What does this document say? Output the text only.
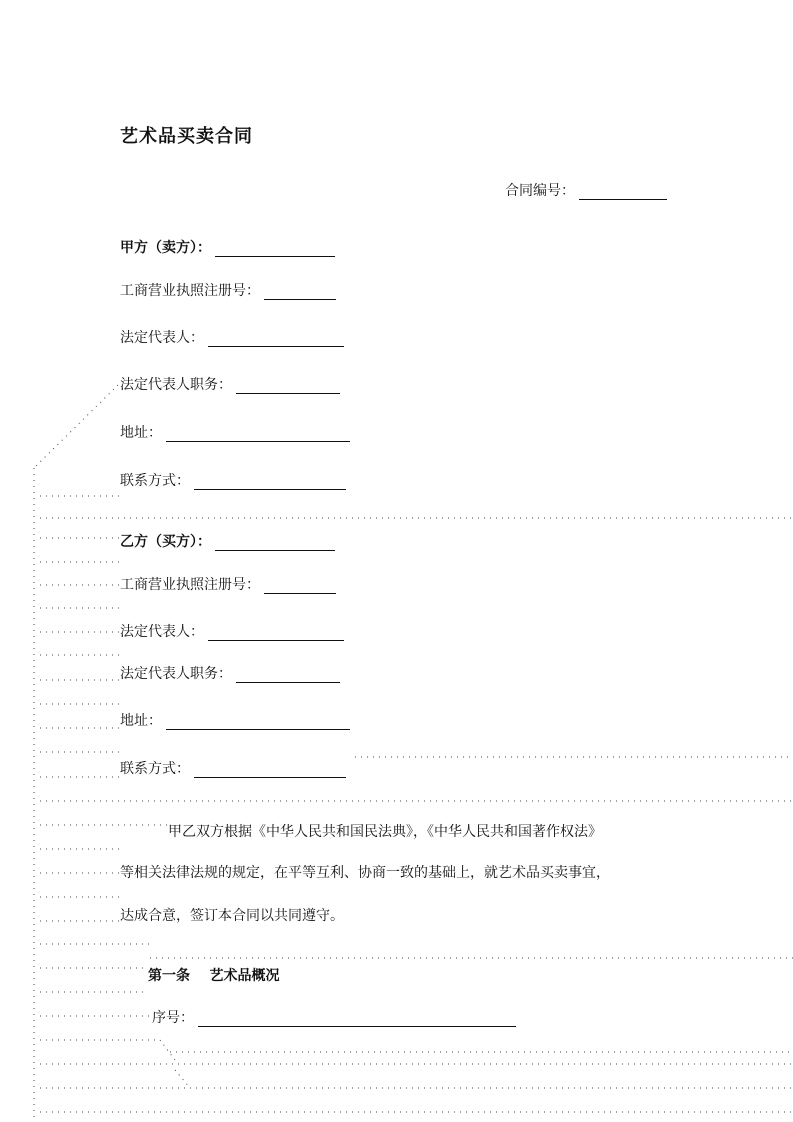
艺术品买卖合同
合同编号：
甲方（卖方）：
工商营业执照注册号：
法定代表人：
法定代表人职务：
地址：
联系方式：
乙方（买方）：
工商营业执照注册号：
法定代表人：
法定代表人职务：
地址：
联系方式：
甲乙双方根据《中华人民共和国民法典》，《中华人民共和国著作权法》
等相关法律法规的规定，在平等互利、协商一致的基础上，就艺术品买卖事宜，
达成合意，签订本合同以共同遵守。
第一条    艺术品概况
序号：
